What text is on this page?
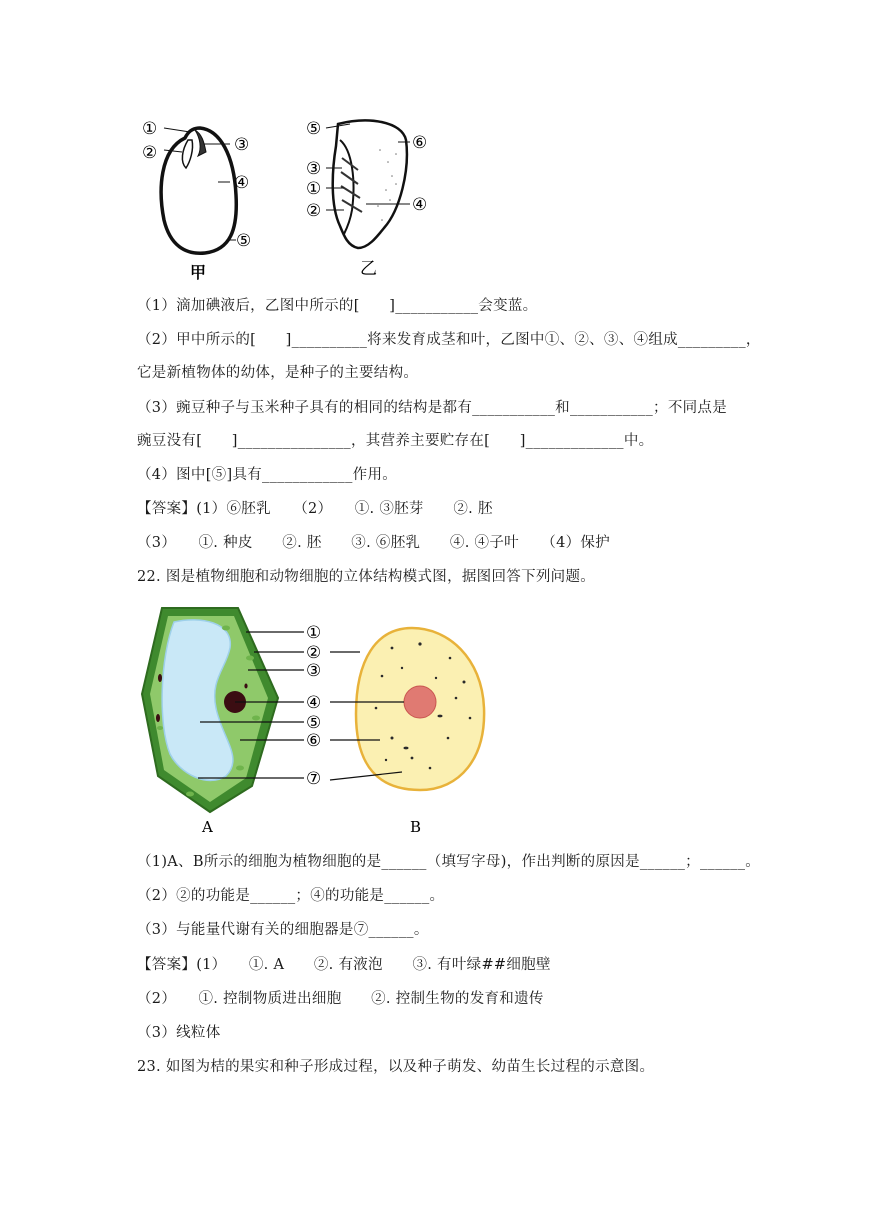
①
②	③
④
⑤
甲
⑤
③
①
②
⑥
④
乙
（1）滴加碘液后，乙图中所示的[　　]___________会变蓝。
（2）甲中所示的[　　]__________将来发育成茎和叶，乙图中①、②、③、④组成_________，
它是新植物体的幼体，是种子的主要结构。
（3）豌豆种子与玉米种子具有的相同的结构是都有___________和___________；不同点是
豌豆没有[　　]_______________，其营养主要贮存在[　　]_____________中。
（4）图中[⑤]具有____________作用。
【答案】(1）⑥胚乳　　（2）　　①. ③胚芽　　②. 胚
（3）　　①. 种皮　　②. 胚　　③. ⑥胚乳　　④. ④子叶　　（4）保护
22. 图是植物细胞和动物细胞的立体结构模式图，据图回答下列问题。
①
②
③
④
⑤
⑥
⑦
A	B
（1)A、B所示的细胞为植物细胞的是______（填写字母)，作出判断的原因是______；______。
（2）②的功能是______；④的功能是______。
（3）与能量代谢有关的细胞器是⑦______。
【答案】(1）　　①. A　　②. 有液泡　　③. 有叶绿##细胞壁
（2）　　①. 控制物质进出细胞　　②. 控制生物的发育和遗传
（3）线粒体
23. 如图为桔的果实和种子形成过程，以及种子萌发、幼苗生长过程的示意图。
